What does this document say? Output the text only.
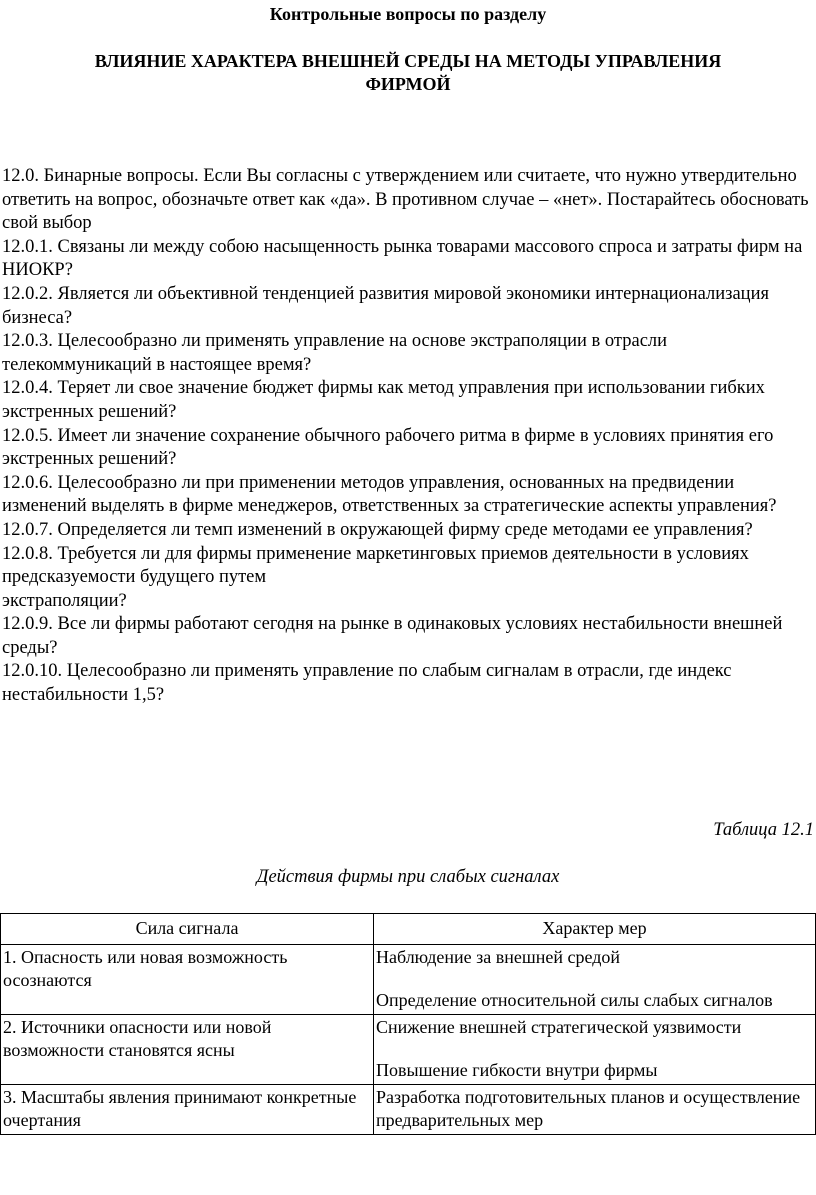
Контрольные вопросы по разделу
ВЛИЯНИЕ ХАРАКТЕРА ВНЕШНЕЙ СРЕДЫ НА МЕТОДЫ УПРАВЛЕНИЯ
ФИРМОЙ

12.0. Бинарные вопросы. Если Вы согласны с утверждением или считаете, что нужно утвердительно ответить на вопрос, обозначьте ответ как «да». В противном случае – «нет». Постарайтесь обосновать свой выбор

12.0.1. Связаны ли между собою насыщенность рынка товарами массового спроса и затраты фирм на НИОКР?

12.0.2. Является ли объективной тенденцией развития мировой экономики интернационализация бизнеса?

12.0.3. Целесообразно ли применять управление на основе экстраполяции в отрасли телекоммуникаций в настоящее время?

12.0.4. Теряет ли свое значение бюджет фирмы как метод управления при использовании гибких экстренных решений?

12.0.5. Имеет ли значение сохранение обычного рабочего ритма в фирме в условиях принятия его экстренных решений?

12.0.6. Целесообразно ли при применении методов управления, основанных на предвидении изменений выделять в фирме менеджеров, ответственных за стратегические аспекты управления?

12.0.7. Определяется ли темп изменений в окружающей фирму среде методами ее управления?

12.0.8. Требуется ли для фирмы применение маркетинговых приемов деятельности в условиях предсказуемости будущего путем

экстраполяции?

12.0.9. Все ли фирмы работают сегодня на рынке в одинаковых условиях нестабильности внешней среды?

12.0.10. Целесообразно ли применять управление по слабым сигналам в отрасли, где индекс нестабильности 1,5?

Таблица 12.1
Действия фирмы при слабых сигналах
Сила сигнала	Характер мер
1. Опасность или новая возможность осознаются	Наблюдение за внешней средой

Определение относительной силы слабых сигналов

2. Источники опасности или новой возможности становятся ясны	Снижение внешней стратегической уязвимости

Повышение гибкости внутри фирмы

3. Масштабы явления принимают конкретные очертания	Разработка подготовительных планов и осуществление предварительных мер
